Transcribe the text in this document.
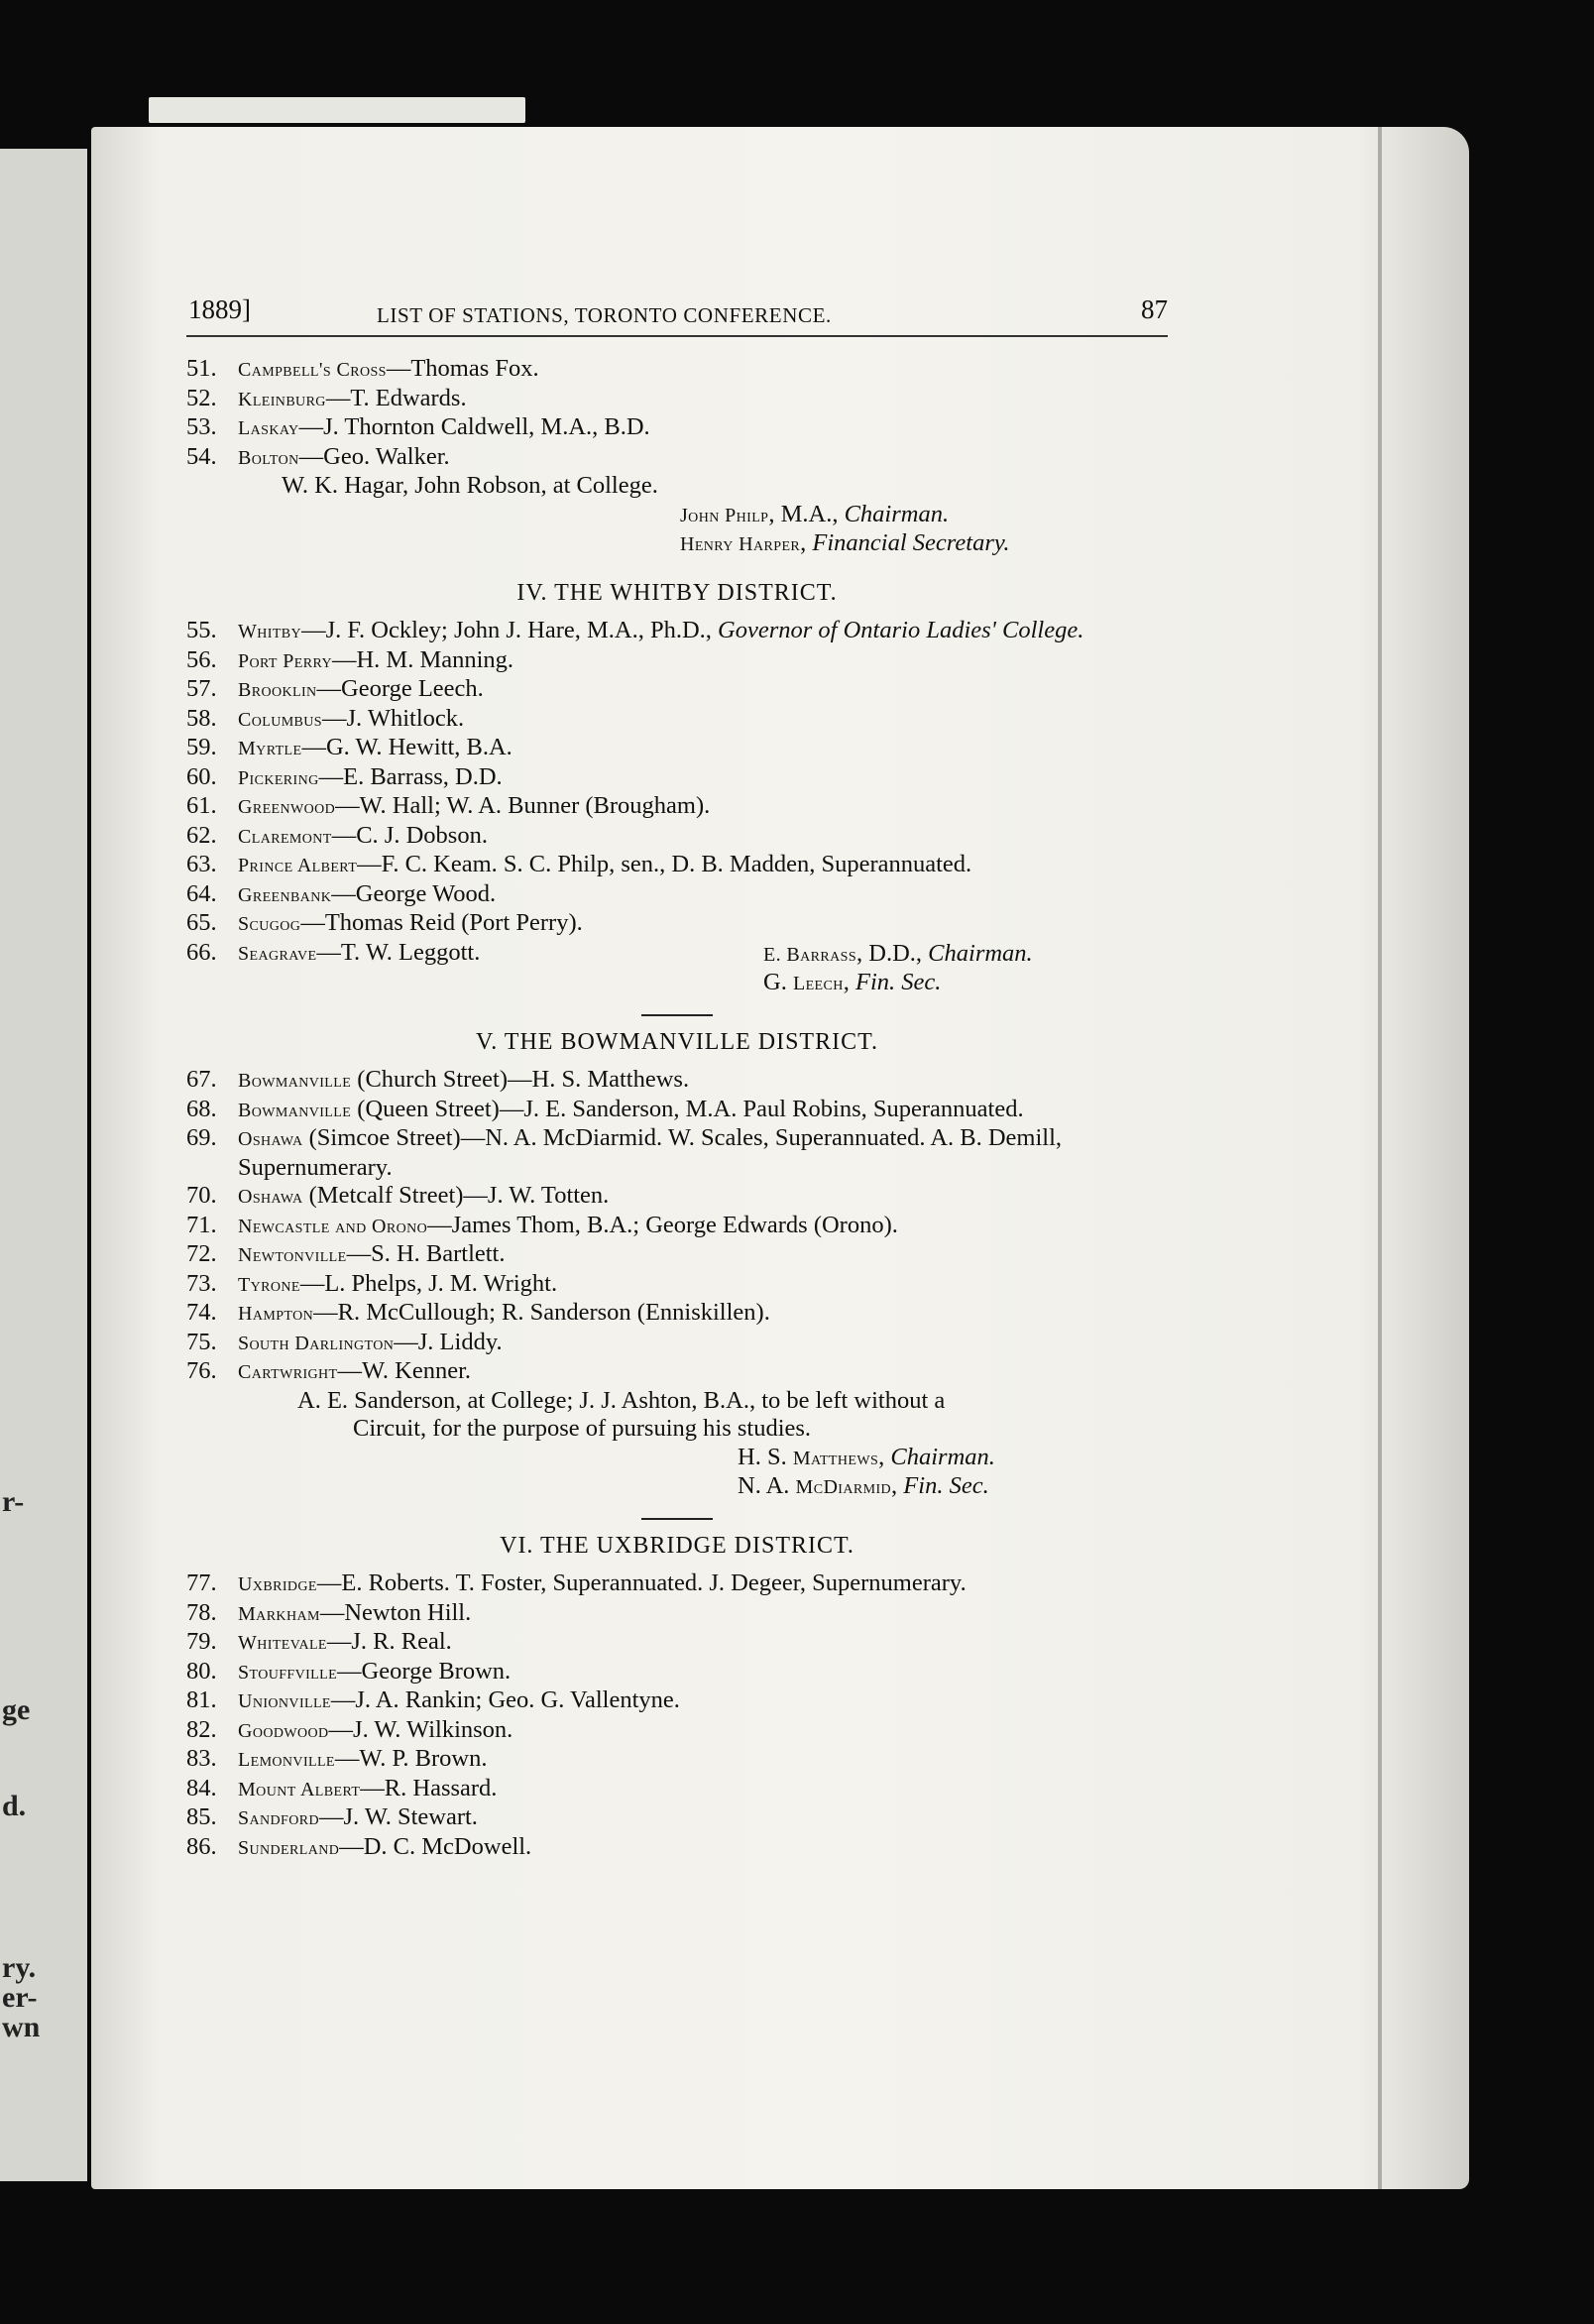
r-
ge
d.
ry.
er-
wn
1889]	LIST OF STATIONS, TORONTO CONFERENCE.	87

51. Campbell's Cross—Thomas Fox.

52. Kleinburg—T. Edwards.

53. Laskay—J. Thornton Caldwell, M.A., B.D.

54. Bolton—Geo. Walker.

W. K. Hagar, John Robson, at College.

John Philp, M.A., Chairman.

Henry Harper, Financial Secretary.

IV. THE WHITBY DISTRICT.

55. Whitby—J. F. Ockley; John J. Hare, M.A., Ph.D., Governor of Ontario Ladies' College.

56. Port Perry—H. M. Manning.

57. Brooklin—George Leech.

58. Columbus—J. Whitlock.

59. Myrtle—G. W. Hewitt, B.A.

60. Pickering—E. Barrass, D.D.

61. Greenwood—W. Hall; W. A. Bunner (Brougham).

62. Claremont—C. J. Dobson.

63. Prince Albert—F. C. Keam. S. C. Philp, sen., D. B. Madden, Superannuated.

64. Greenbank—George Wood.

65. Scugog—Thomas Reid (Port Perry).

66. Seagrave—T. W. Leggott.	E. Barrass, D.D., Chairman.

G. Leech, Fin. Sec.

V. THE BOWMANVILLE DISTRICT.

67. Bowmanville (Church Street)—H. S. Matthews.

68. Bowmanville (Queen Street)—J. E. Sanderson, M.A. Paul Robins, Superannuated.

69. Oshawa (Simcoe Street)—N. A. McDiarmid. W. Scales, Superannuated. A. B. Demill, Supernumerary.

70. Oshawa (Metcalf Street)—J. W. Totten.

71. Newcastle and Orono—James Thom, B.A.; George Edwards (Orono).

72. Newtonville—S. H. Bartlett.

73. Tyrone—L. Phelps, J. M. Wright.

74. Hampton—R. McCullough; R. Sanderson (Enniskillen).

75. South Darlington—J. Liddy.

76. Cartwright—W. Kenner.

A. E. Sanderson, at College; J. J. Ashton, B.A., to be left without a

Circuit, for the purpose of pursuing his studies.

H. S. Matthews, Chairman.

N. A. McDiarmid, Fin. Sec.

VI. THE UXBRIDGE DISTRICT.

77. Uxbridge—E. Roberts. T. Foster, Superannuated. J. Degeer, Supernumerary.

78. Markham—Newton Hill.

79. Whitevale—J. R. Real.

80. Stouffville—George Brown.

81. Unionville—J. A. Rankin; Geo. G. Vallentyne.

82. Goodwood—J. W. Wilkinson.

83. Lemonville—W. P. Brown.

84. Mount Albert—R. Hassard.

85. Sandford—J. W. Stewart.

86. Sunderland—D. C. McDowell.
